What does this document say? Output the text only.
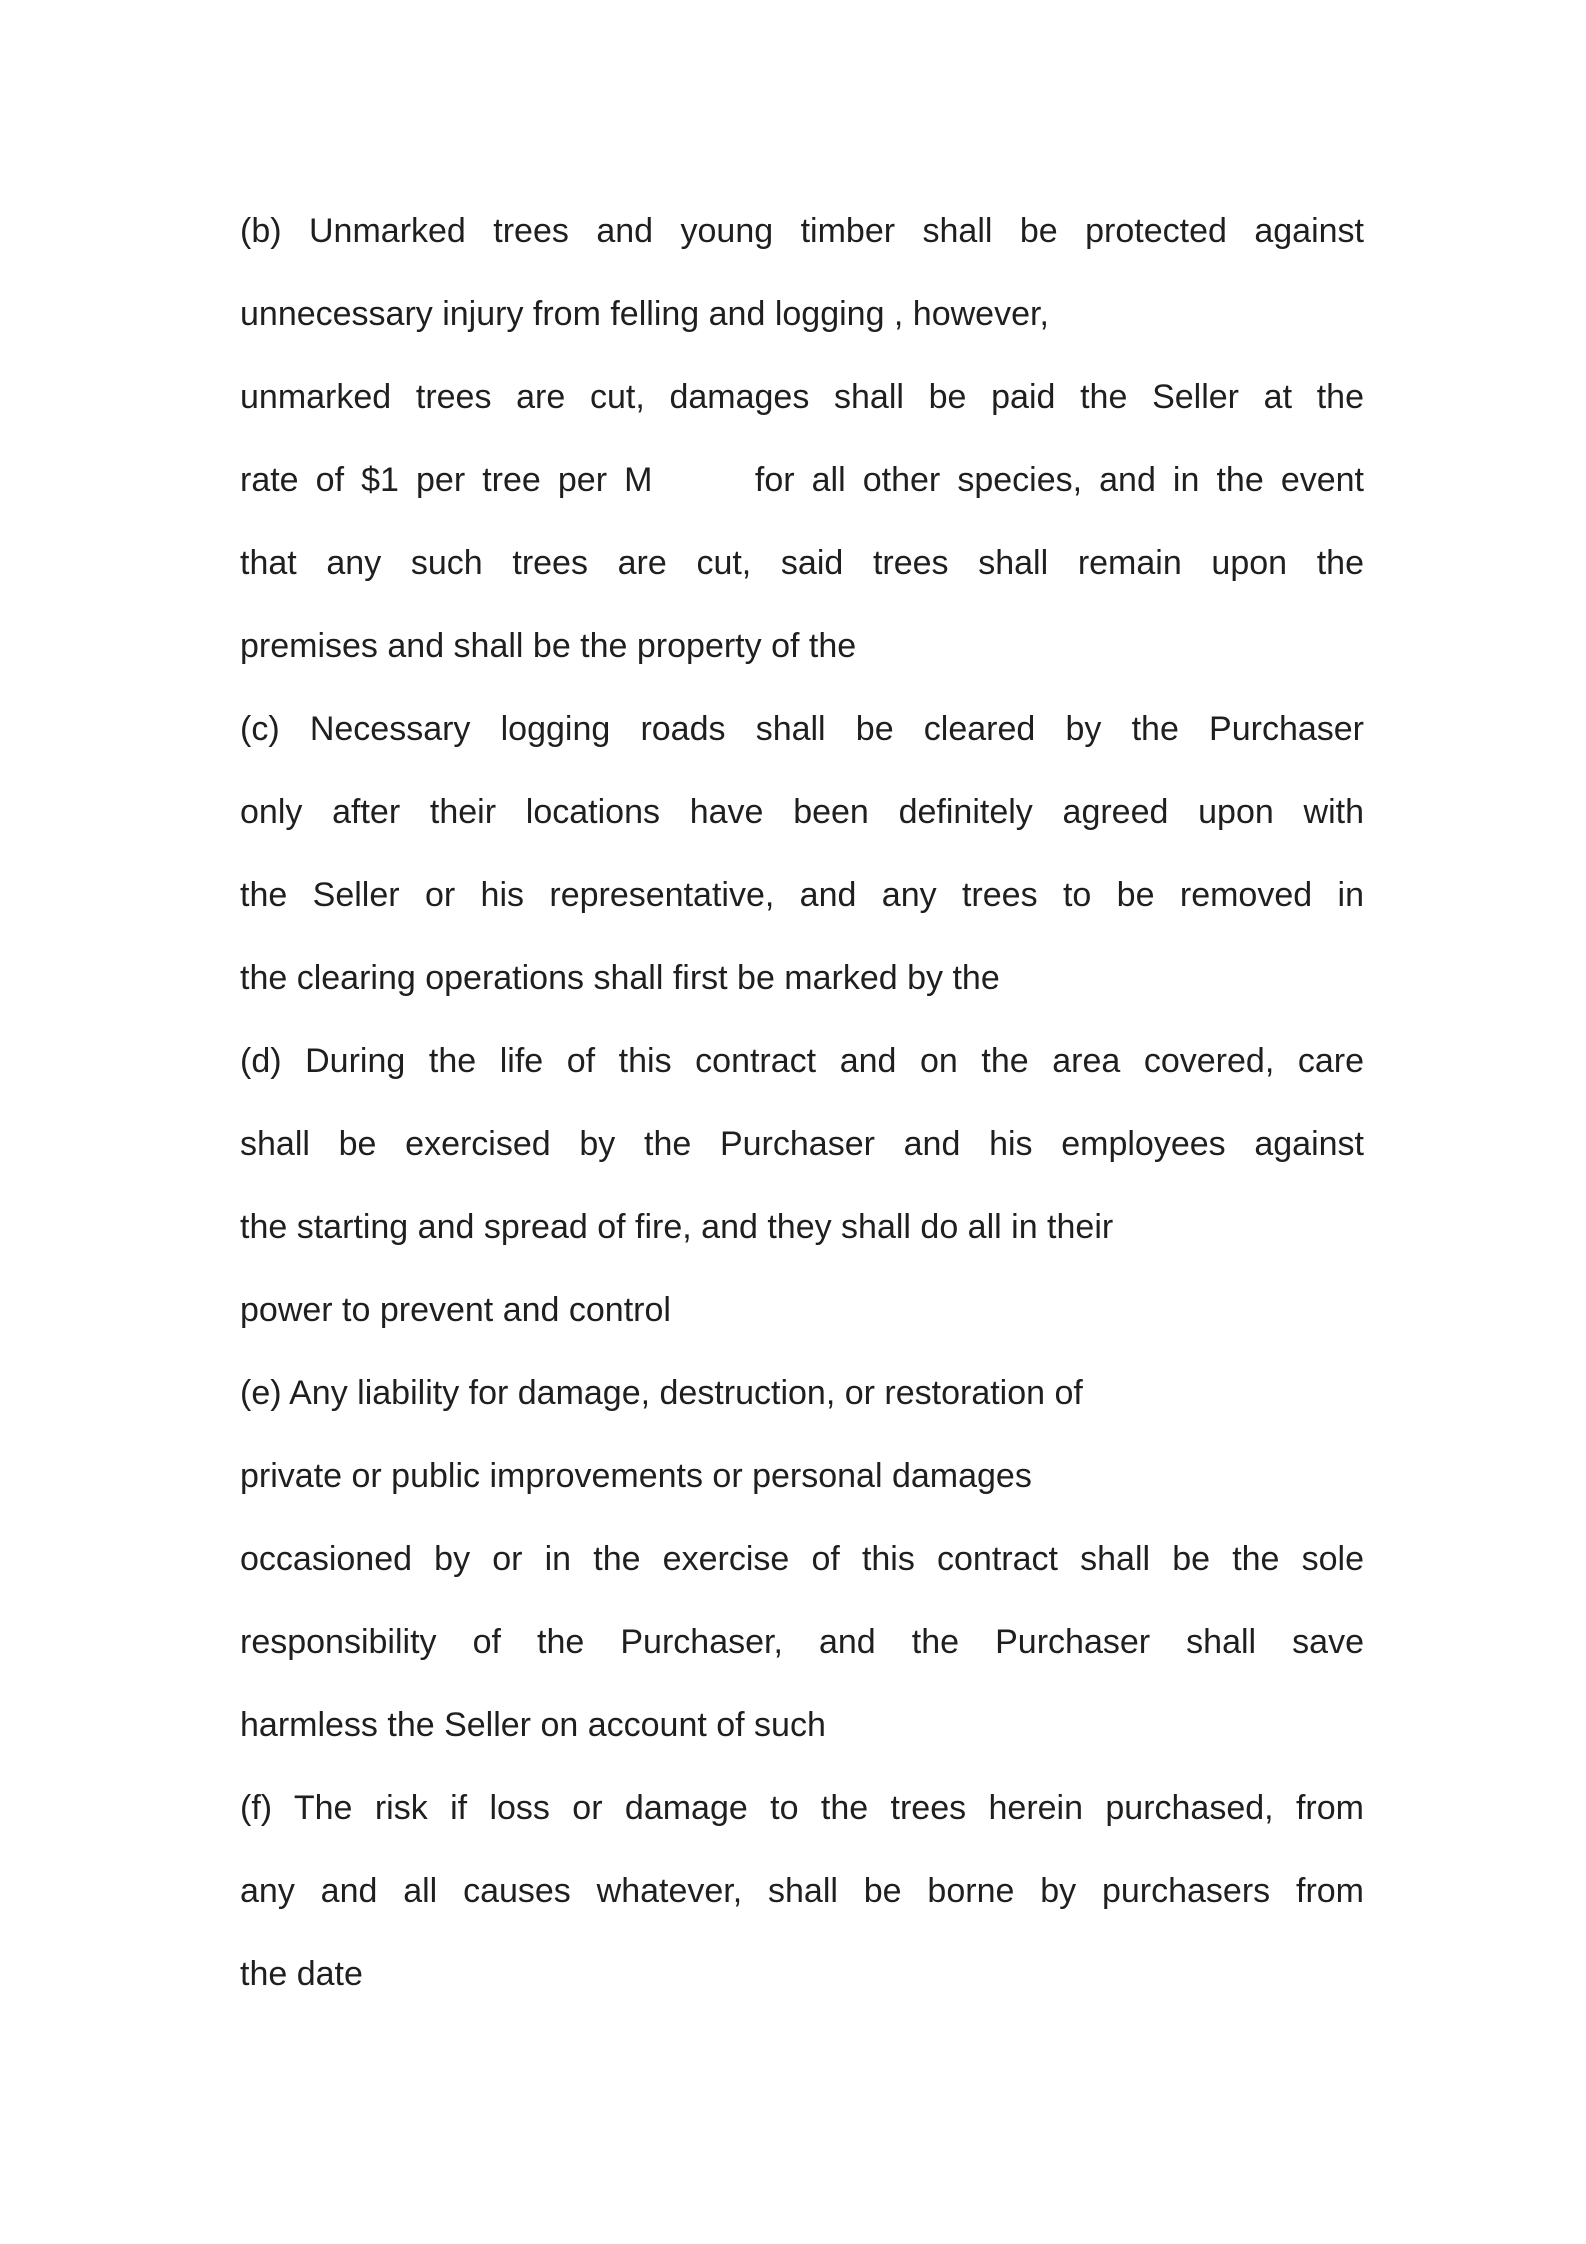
(b) Unmarked trees and young timber shall be protected against
unnecessary injury from felling and logging , however,
unmarked trees are cut, damages shall be paid the Seller at the
rate of $1 per tree per M      for all other species, and in the event
that any such trees are cut, said trees shall remain upon the
premises and shall be the property of the
(c) Necessary logging roads shall be cleared by the Purchaser
only after their locations have been definitely agreed upon with
the Seller or his representative, and any trees to be removed in
the clearing operations shall first be marked by the
(d) During the life of this contract and on the area covered, care
shall be exercised by the Purchaser and his employees against
the starting and spread of fire, and they shall do all in their
power to prevent and control
(e) Any liability for damage, destruction, or restoration of
private or public improvements or personal damages
occasioned by or in the exercise of this contract shall be the sole
responsibility of the Purchaser, and the Purchaser shall save
harmless the Seller on account of such
(f) The risk if loss or damage to the trees herein purchased, from
any and all causes whatever, shall be borne by purchasers from
the date
